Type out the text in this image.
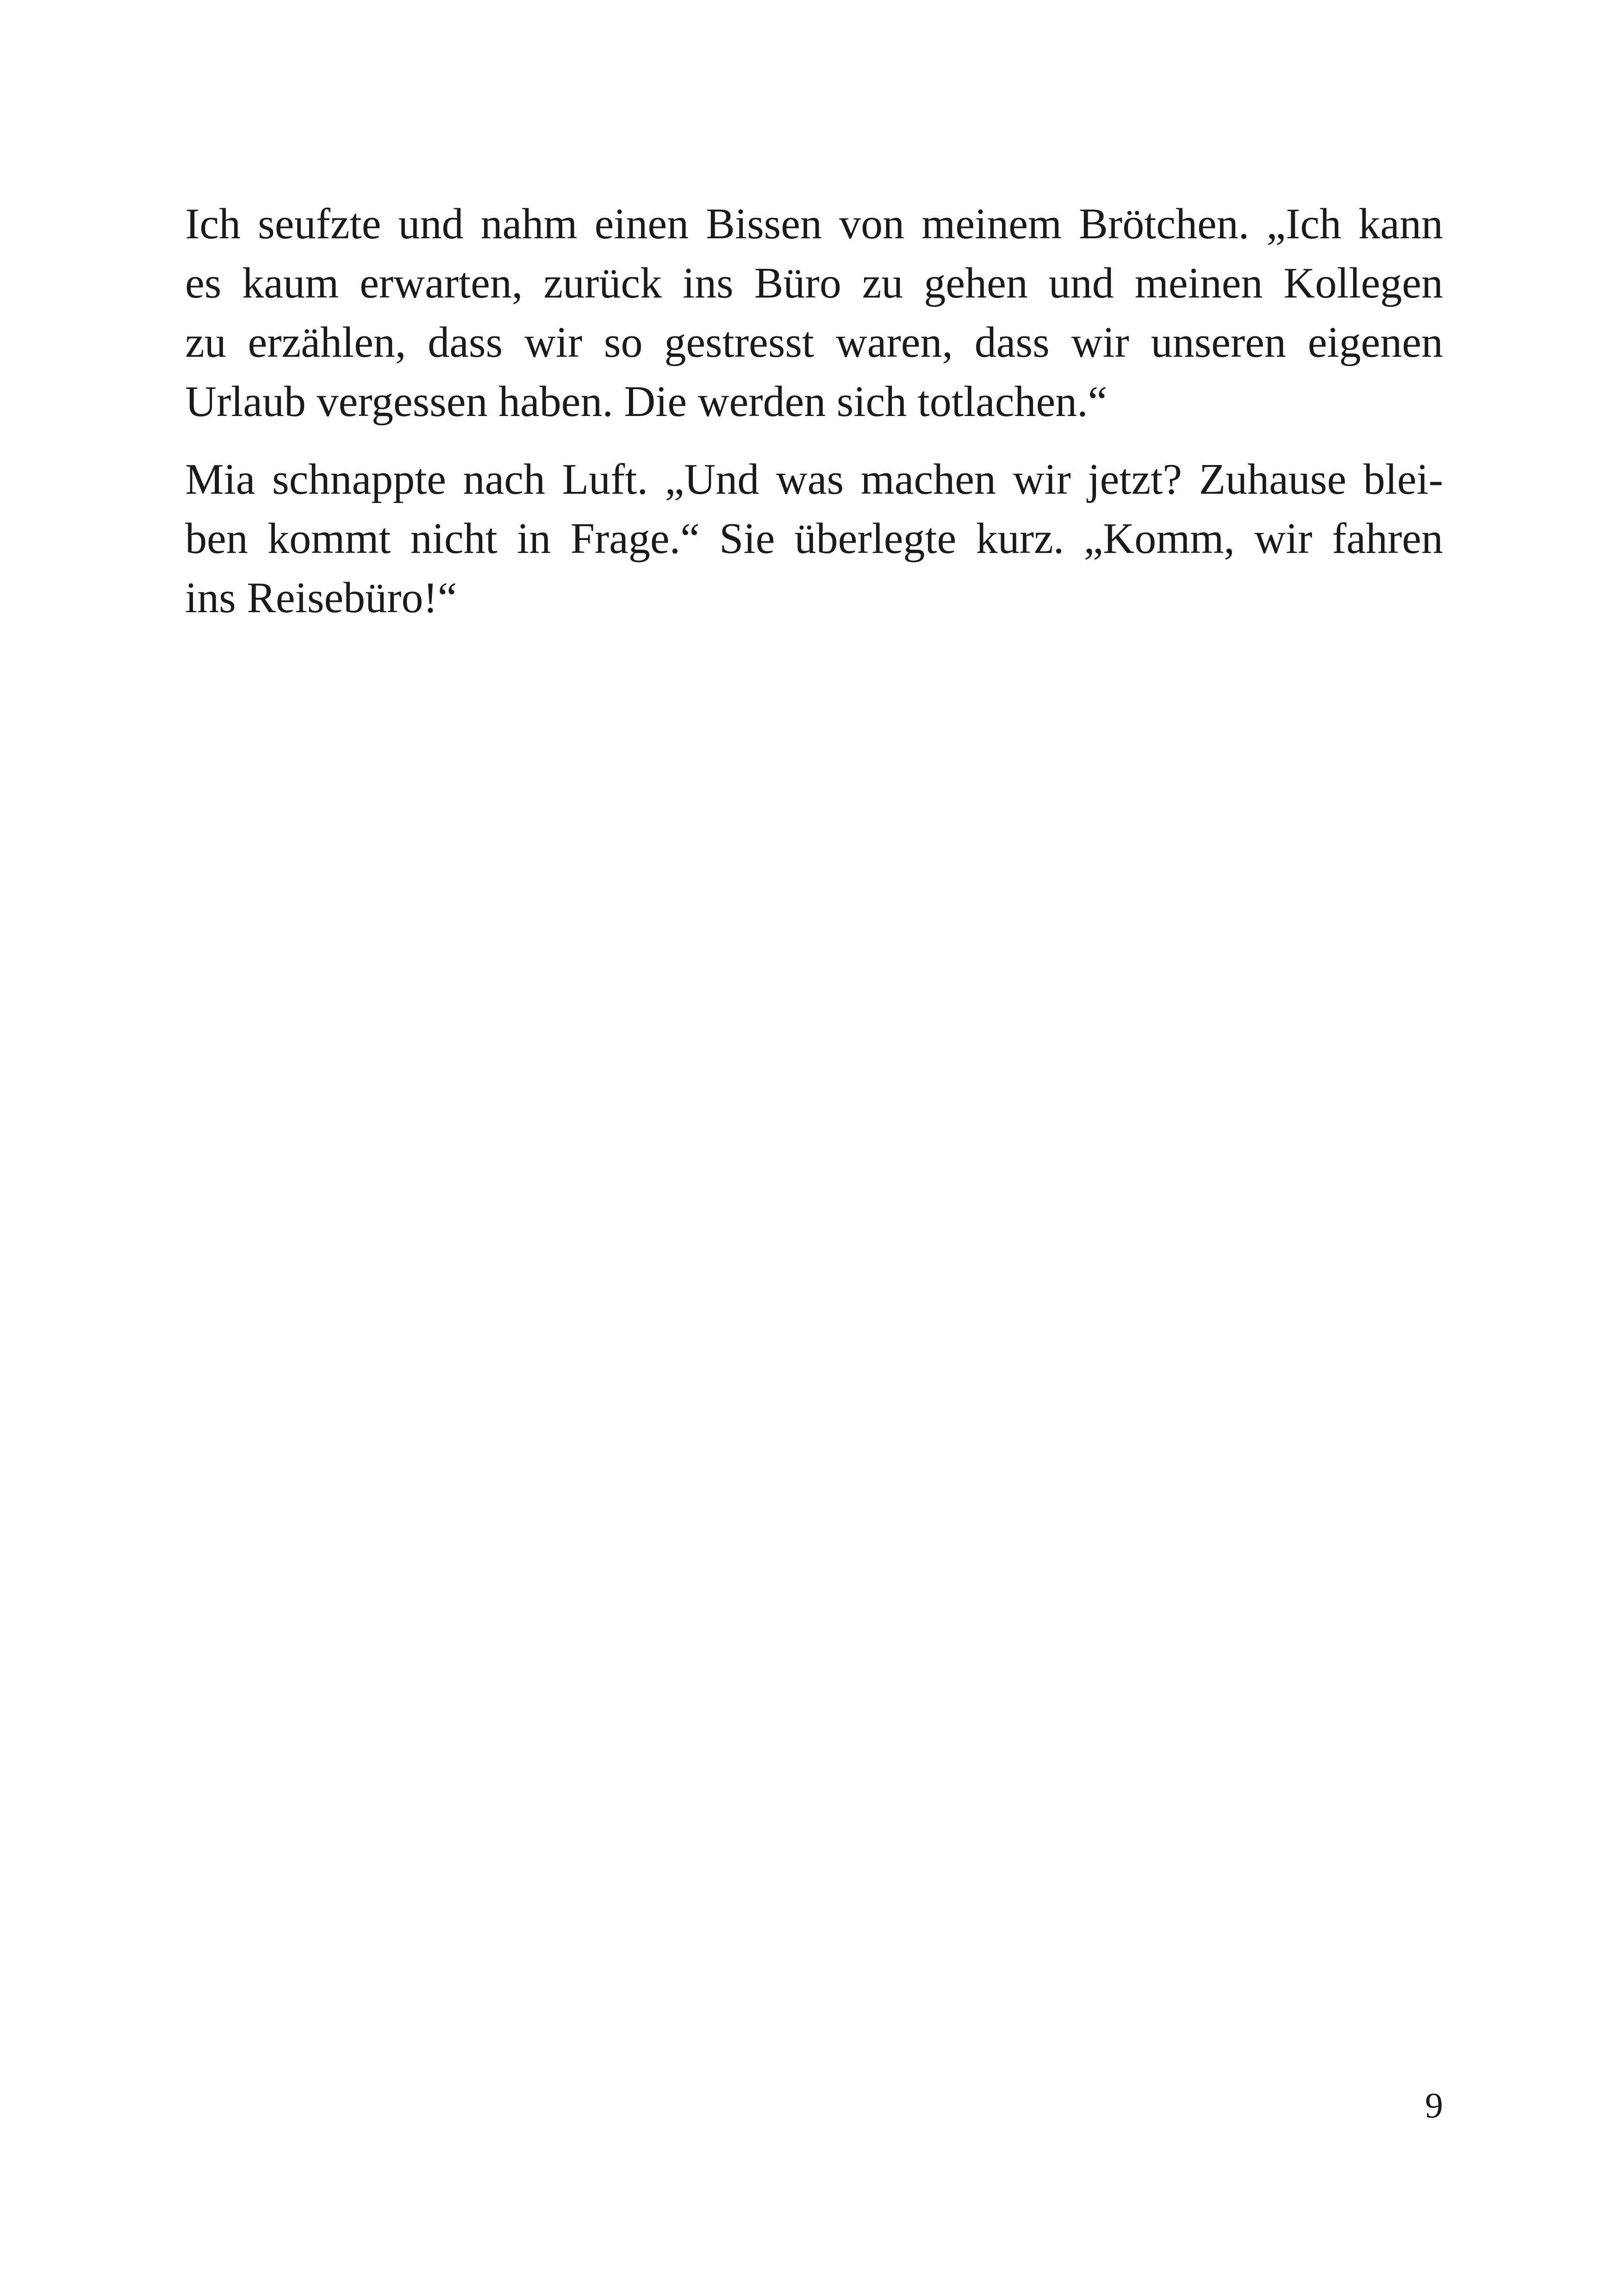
Ich seufzte und nahm einen Bissen von meinem Brötchen. „Ich kann
es kaum erwarten, zurück ins Büro zu gehen und meinen Kollegen
zu erzählen, dass wir so gestresst waren, dass wir unseren eigenen
Urlaub vergessen haben. Die werden sich totlachen.“

Mia schnappte nach Luft. „Und was machen wir jetzt? Zuhause blei-
ben kommt nicht in Frage.“ Sie überlegte kurz. „Komm, wir fahren
ins Reisebüro!“

9
